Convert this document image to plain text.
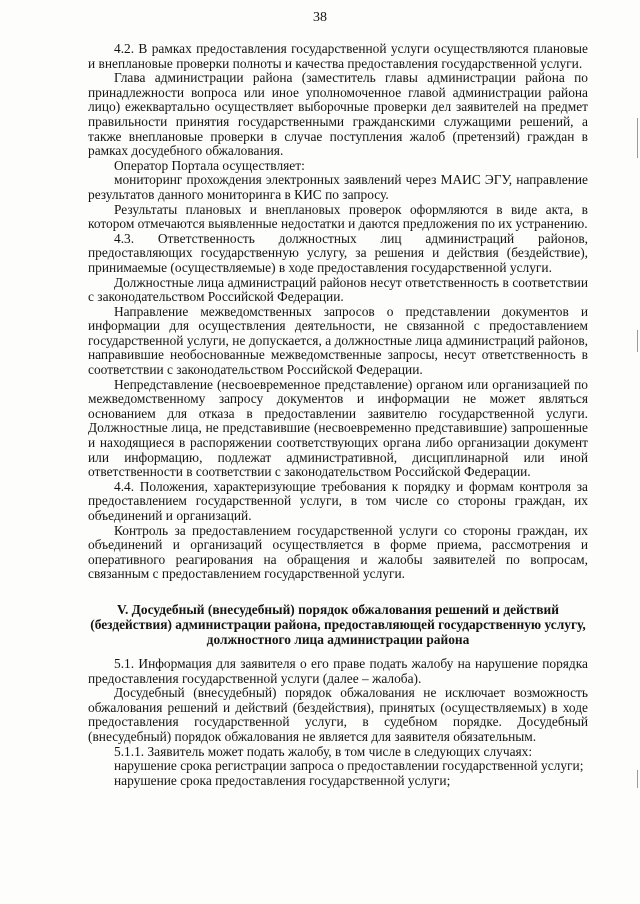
38

4.2. В рамках предоставления государственной услуги осуществляются плановые и внеплановые проверки полноты и качества предоставления государственной услуги.

Глава администрации района (заместитель главы администрации района по принадлежности вопроса или иное уполномоченное главой администрации района лицо) ежеквартально осуществляет выборочные проверки дел заявителей на предмет правильности принятия государственными гражданскими служащими решений, а также внеплановые проверки в случае поступления жалоб (претензий) граждан в рамках досудебного обжалования.

Оператор Портала осуществляет:

мониторинг прохождения электронных заявлений через МАИС ЭГУ, направление результатов данного мониторинга в КИС по запросу.

Результаты плановых и внеплановых проверок оформляются в виде акта, в котором отмечаются выявленные недостатки и даются предложения по их устранению.

4.3. Ответственность должностных лиц администраций районов, предоставляющих государственную услугу, за решения и действия (бездействие), принимаемые (осуществляемые) в ходе предоставления государственной услуги.

Должностные лица администраций районов несут ответственность в соответствии с законодательством Российской Федерации.

Направление межведомственных запросов о представлении документов и информации для осуществления деятельности, не связанной с предоставлением государственной услуги, не допускается, а должностные лица администраций районов, направившие необоснованные межведомственные запросы, несут ответственность в соответствии с законодательством Российской Федерации.

Непредставление (несвоевременное представление) органом или организацией по межведомственному запросу документов и информации не может являться основанием для отказа в предоставлении заявителю государственной услуги. Должностные лица, не представившие (несвоевременно представившие) запрошенные и находящиеся в распоряжении соответствующих органа либо организации документ или информацию, подлежат административной, дисциплинарной или иной ответственности в соответствии с законодательством Российской Федерации.

4.4. Положения, характеризующие требования к порядку и формам контроля за предоставлением государственной услуги, в том числе со стороны граждан, их объединений и организаций.

Контроль за предоставлением государственной услуги со стороны граждан, их объединений и организаций осуществляется в форме приема, рассмотрения и оперативного реагирования на обращения и жалобы заявителей по вопросам, связанным с предоставлением государственной услуги.

V. Досудебный (внесудебный) порядок обжалования решений и действий (бездействия) администрации района, предоставляющей государственную услугу, должностного лица администрации района

5.1. Информация для заявителя о его праве подать жалобу на нарушение порядка предоставления государственной услуги (далее – жалоба).

Досудебный (внесудебный) порядок обжалования не исключает возможность обжалования решений и действий (бездействия), принятых (осуществляемых) в ходе предоставления государственной услуги, в судебном порядке. Досудебный (внесудебный) порядок обжалования не является для заявителя обязательным.

5.1.1. Заявитель может подать жалобу, в том числе в следующих случаях:

нарушение срока регистрации запроса о предоставлении государственной услуги;

нарушение срока предоставления государственной услуги;
